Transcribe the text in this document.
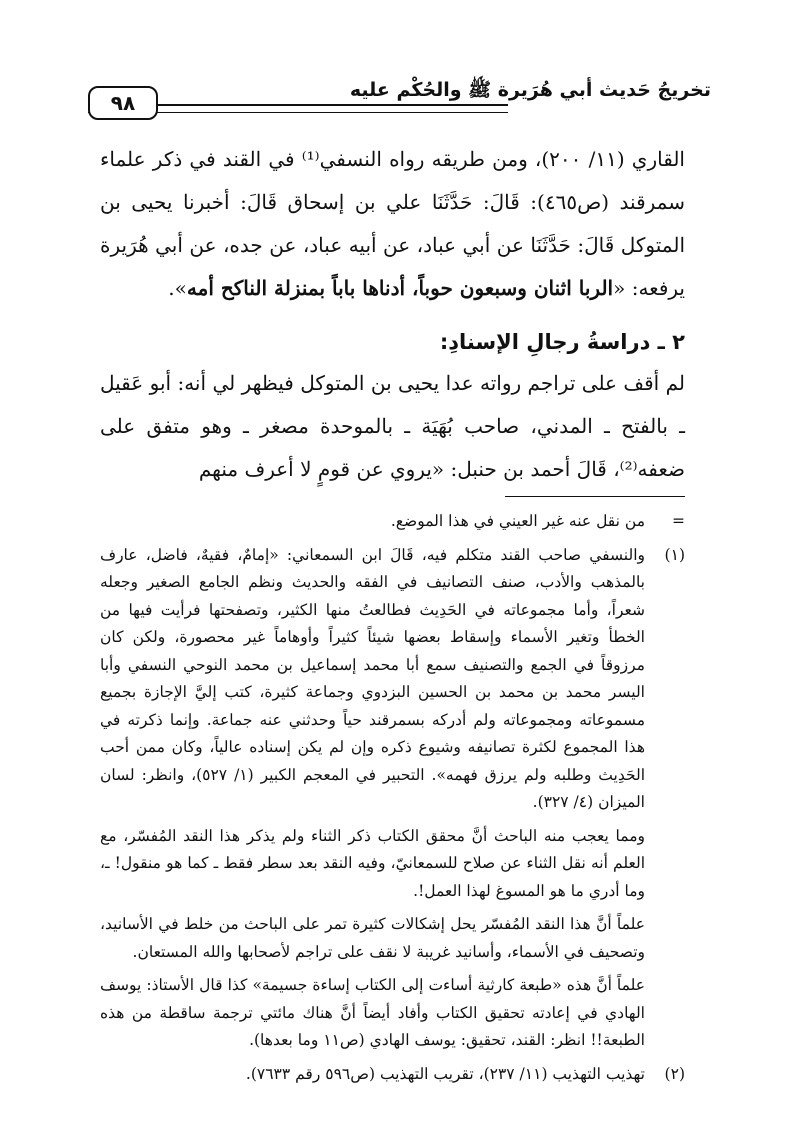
تخريجُ حَديث أبي هُرَيرة ﷺ والحُكْم عليه
٩٨

القاري (١١/ ٢٠٠)، ومن طريقه رواه النسفي⁽¹⁾ في القند في ذكر علماء سمرقند (ص٤٦٥): قَالَ: حَدَّثَنَا علي بن إسحاق قَالَ: أخبرنا يحيى بن المتوكل قَالَ: حَدَّثَنَا عن أبي عباد، عن أبيه عباد، عن جده، عن أبي هُرَيرة يرفعه: «الربا اثنان وسبعون حوباً، أدناها باباً بمنزلة الناكح أمه».

٢ ـ دراسةُ رجالِ الإسنادِ:

لم أقف على تراجم رواته عدا يحيى بن المتوكل فيظهر لي أنه: أبو عَقيل ـ بالفتح ـ المدني، صاحب بُهَيَة ـ بالموحدة مصغر ـ وهو متفق على ضعفه⁽²⁾، قَالَ أحمد بن حنبل: «يروي عن قومٍ لا أعرف منهم

=
من نقل عنه غير العيني في هذا الموضع.
(١)
والنسفي صاحب القند متكلم فيه، قَالَ ابن السمعاني: «إمامٌ، فقيهٌ، فاضل، عارف بالمذهب والأدب، صنف التصانيف في الفقه والحديث ونظم الجامع الصغير وجعله شعراً، وأما مجموعاته في الحَدِيث فطالعتُ منها الكثير، وتصفحتها فرأيت فيها من الخطأ وتغير الأسماء وإسقاط بعضها شيئاً كثيراً وأوهاماً غير محصورة، ولكن كان مرزوقاً في الجمع والتصنيف سمع أبا محمد إسماعيل بن محمد النوحي النسفي وأبا اليسر محمد بن محمد بن الحسين البزدوي وجماعة كثيرة، كتب إليَّ الإجازة بجميع مسموعاته ومجموعاته ولم أدركه بسمرقند حياً وحدثني عنه جماعة. وإنما ذكرته في هذا المجموع لكثرة تصانيفه وشيوع ذكره وإن لم يكن إسناده عالياً، وكان ممن أحب الحَدِيث وطلبه ولم يرزق فهمه». التحبير في المعجم الكبير (١/ ٥٢٧)، وانظر: لسان الميزان (٤/ ٣٢٧).
ومما يعجب منه الباحث أنَّ محقق الكتاب ذكر الثناء ولم يذكر هذا النقد المُفسّر، مع العلم أنه نقل الثناء عن صلاح للسمعانيّ، وفيه النقد بعد سطر فقط ـ كما هو منقول! ـ، وما أدري ما هو المسوغ لهذا العمل!.
علماً أنَّ هذا النقد المُفسّر يحل إشكالات كثيرة تمر على الباحث من خلط في الأسانيد، وتصحيف في الأسماء، وأسانيد غريبة لا نقف على تراجم لأصحابها والله المستعان.
علماً أنَّ هذه «طبعة كارثية أساءت إلى الكتاب إساءة جسيمة» كذا قال الأستاذ: يوسف الهادي في إعادته تحقيق الكتاب وأفاد أيضاً أنَّ هناك مائتي ترجمة ساقطة من هذه الطبعة!! انظر: القند، تحقيق: يوسف الهادي (ص١١ وما بعدها).
(٢)
تهذيب التهذيب (١١/ ٢٣٧)، تقريب التهذيب (ص٥٩٦ رقم ٧٦٣٣).
